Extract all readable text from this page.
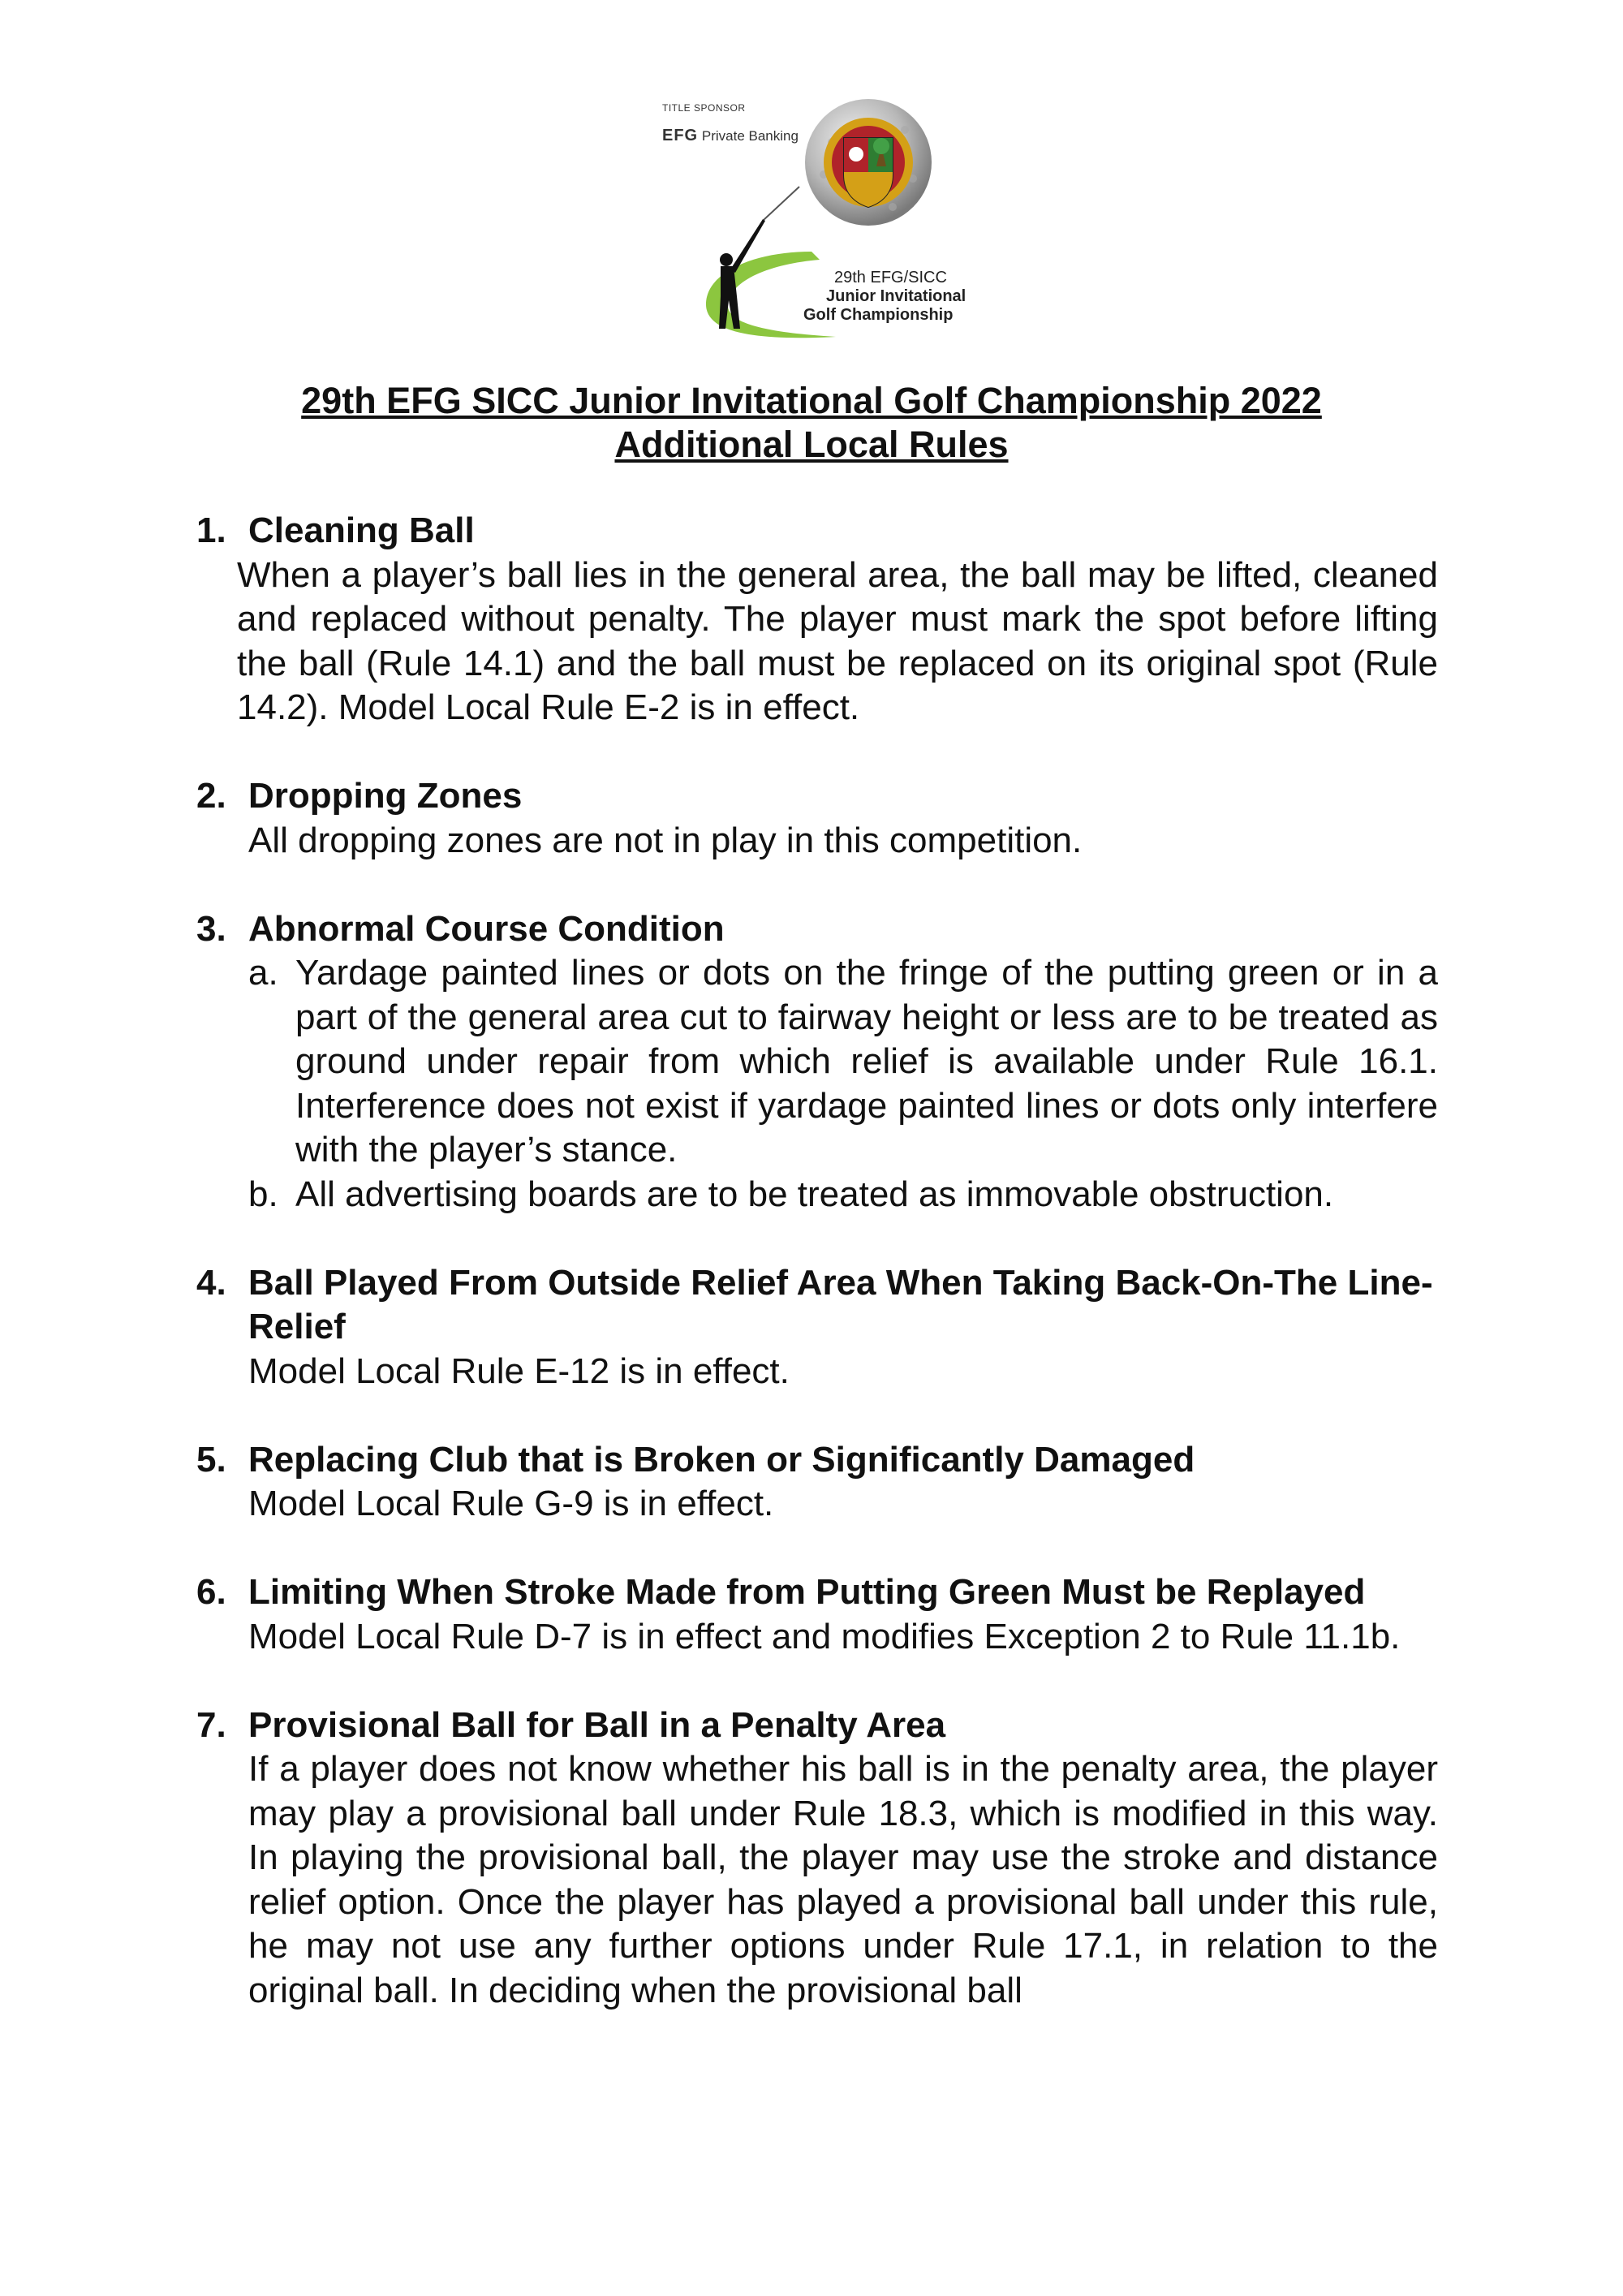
TITLE SPONSOR
EFG Private Banking
29th EFG/SICC
Junior Invitational
Golf Championship
29th EFG SICC Junior Invitational Golf Championship 2022
Additional Local Rules
1. Cleaning Ball
When a player’s ball lies in the general area, the ball may be lifted, cleaned and replaced without penalty. The player must mark the spot before lifting the ball (Rule 14.1) and the ball must be replaced on its original spot (Rule 14.2). Model Local Rule E-2 is in effect.
2. Dropping Zones
All dropping zones are not in play in this competition.
3. Abnormal Course Condition
a. Yardage painted lines or dots on the fringe of the putting green or in a part of the general area cut to fairway height or less are to be treated as ground under repair from which relief is available under Rule 16.1. Interference does not exist if yardage painted lines or dots only interfere with the player’s stance.
b. All advertising boards are to be treated as immovable obstruction.
4. Ball Played From Outside Relief Area When Taking Back-On-The Line-Relief
Model Local Rule E-12 is in effect.
5. Replacing Club that is Broken or Significantly Damaged
Model Local Rule G-9 is in effect.
6. Limiting When Stroke Made from Putting Green Must be Replayed
Model Local Rule D-7 is in effect and modifies Exception 2 to Rule 11.1b.
7. Provisional Ball for Ball in a Penalty Area
If a player does not know whether his ball is in the penalty area, the player may play a provisional ball under Rule 18.3, which is modified in this way. In playing the provisional ball, the player may use the stroke and distance relief option. Once the player has played a provisional ball under this rule, he may not use any further options under Rule 17.1, in relation to the original ball. In deciding when the provisional ball
